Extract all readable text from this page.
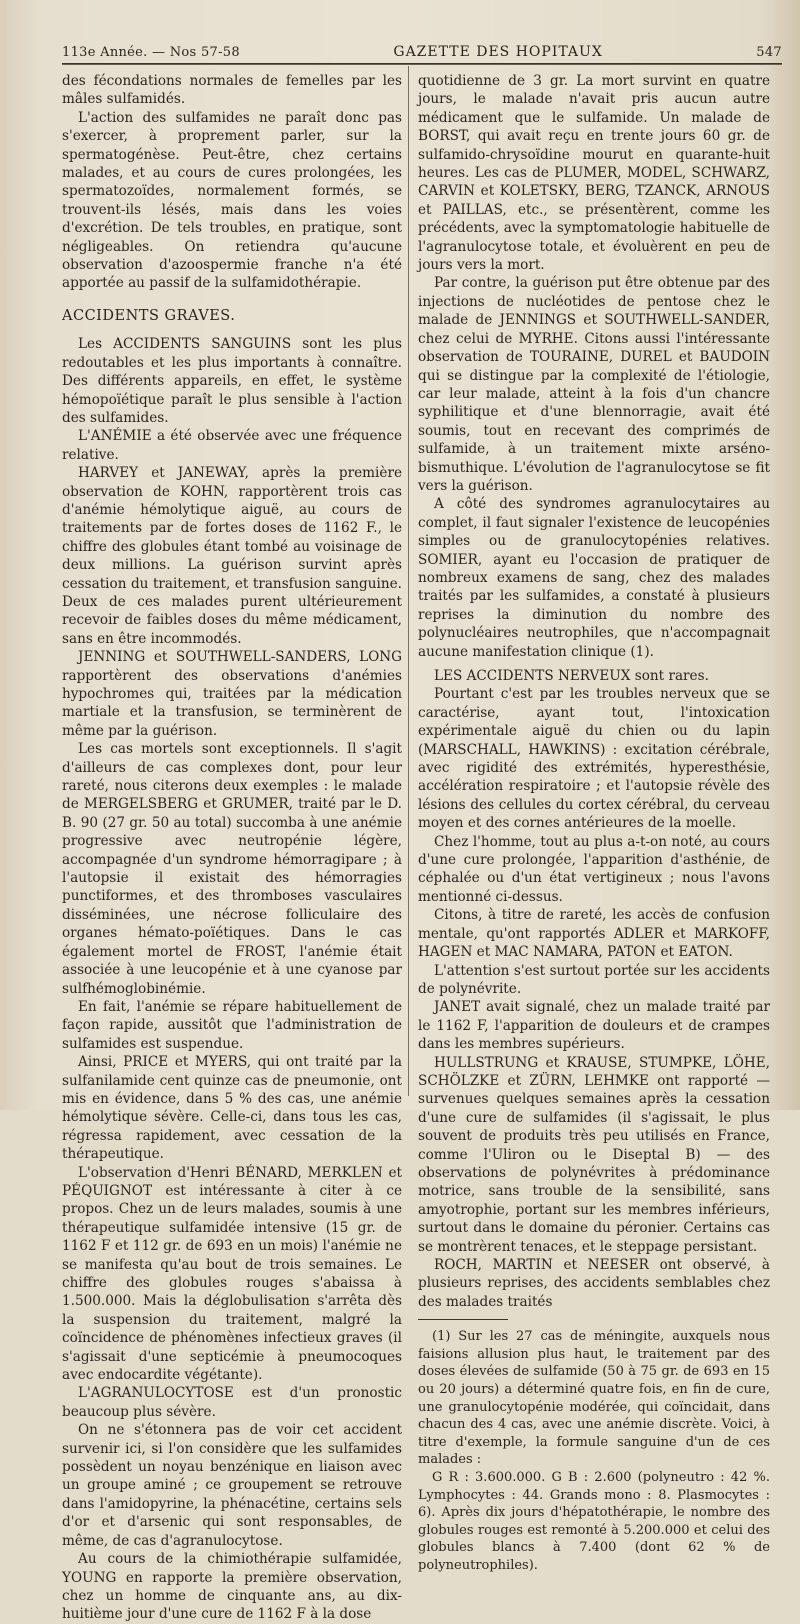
113e Année. — Nos 57-58	GAZETTE DES HOPITAUX	547

des fécondations normales de femelles par les mâles sulfamidés.

L'action des sulfamides ne paraît donc pas s'exercer, à proprement parler, sur la spermatogénèse. Peut-être, chez certains malades, et au cours de cures prolongées, les spermatozoïdes, normalement formés, se trouvent-ils lésés, mais dans les voies d'excrétion. De tels troubles, en pratique, sont négligeables. On retiendra qu'aucune observation d'azoospermie franche n'a été apportée au passif de la sulfamidothérapie.

ACCIDENTS GRAVES.

Les ACCIDENTS SANGUINS sont les plus redoutables et les plus importants à connaître. Des différents appareils, en effet, le système hémopoïétique paraît le plus sensible à l'action des sulfamides.

L'ANÉMIE a été observée avec une fréquence relative.

HARVEY et JANEWAY, après la première observation de KOHN, rapportèrent trois cas d'anémie hémolytique aiguë, au cours de traitements par de fortes doses de 1162 F., le chiffre des globules étant tombé au voisinage de deux millions. La guérison survint après cessation du traitement, et transfusion sanguine. Deux de ces malades purent ultérieurement recevoir de faibles doses du même médicament, sans en être incommodés.

JENNING et SOUTHWELL-SANDERS, LONG rapportèrent des observations d'anémies hypochromes qui, traitées par la médication martiale et la transfusion, se terminèrent de même par la guérison.

Les cas mortels sont exceptionnels. Il s'agit d'ailleurs de cas complexes dont, pour leur rareté, nous citerons deux exemples : le malade de MERGELSBERG et GRUMER, traité par le D. B. 90 (27 gr. 50 au total) succomba à une anémie progressive avec neutropénie légère, accompagnée d'un syndrome hémorragipare ; à l'autopsie il existait des hémorragies punctiformes, et des thromboses vasculaires disséminées, une nécrose folliculaire des organes hémato-poïétiques. Dans le cas également mortel de FROST, l'anémie était associée à une leucopénie et à une cyanose par sulfhémoglobinémie.

En fait, l'anémie se répare habituellement de façon rapide, aussitôt que l'administration de sulfamides est suspendue.

Ainsi, PRICE et MYERS, qui ont traité par la sulfanilamide cent quinze cas de pneumonie, ont mis en évidence, dans 5 % des cas, une anémie hémolytique sévère. Celle-ci, dans tous les cas, régressa rapidement, avec cessation de la thérapeutique.

L'observation d'Henri BÉNARD, MERKLEN et PÉQUIGNOT est intéressante à citer à ce propos. Chez un de leurs malades, soumis à une thérapeutique sulfamidée intensive (15 gr. de 1162 F et 112 gr. de 693 en un mois) l'anémie ne se manifesta qu'au bout de trois semaines. Le chiffre des globules rouges s'abaissa à 1.500.000. Mais la déglobulisation s'arrêta dès la suspension du traitement, malgré la coïncidence de phénomènes infectieux graves (il s'agissait d'une septicémie à pneumocoques avec endocardite végétante).

L'AGRANULOCYTOSE est d'un pronostic beaucoup plus sévère.

On ne s'étonnera pas de voir cet accident survenir ici, si l'on considère que les sulfamides possèdent un noyau benzénique en liaison avec un groupe aminé ; ce groupement se retrouve dans l'amidopyrine, la phénacétine, certains sels d'or et d'arsenic qui sont responsables, de même, de cas d'agranulocytose.

Au cours de la chimiothérapie sulfamidée, YOUNG en rapporte la première observation, chez un homme de cinquante ans, au dix-huitième jour d'une cure de 1162 F à la dose

quotidienne de 3 gr. La mort survint en quatre jours, le malade n'avait pris aucun autre médicament que le sulfamide. Un malade de BORST, qui avait reçu en trente jours 60 gr. de sulfamido-chrysoïdine mourut en quarante-huit heures. Les cas de PLUMER, MODEL, SCHWARZ, CARVIN et KOLETSKY, BERG, TZANCK, ARNOUS et PAILLAS, etc., se présentèrent, comme les précédents, avec la symptomatologie habituelle de l'agranulocytose totale, et évoluèrent en peu de jours vers la mort.

Par contre, la guérison put être obtenue par des injections de nucléotides de pentose chez le malade de JENNINGS et SOUTHWELL-SANDER, chez celui de MYRHE. Citons aussi l'intéressante observation de TOURAINE, DUREL et BAUDOIN qui se distingue par la complexité de l'étiologie, car leur malade, atteint à la fois d'un chancre syphilitique et d'une blennorragie, avait été soumis, tout en recevant des comprimés de sulfamide, à un traitement mixte arséno-bismuthique. L'évolution de l'agranulocytose se fit vers la guérison.

A côté des syndromes agranulocytaires au complet, il faut signaler l'existence de leucopénies simples ou de granulocytopénies relatives. SOMIER, ayant eu l'occasion de pratiquer de nombreux examens de sang, chez des malades traités par les sulfamides, a constaté à plusieurs reprises la diminution du nombre des polynucléaires neutrophiles, que n'accompagnait aucune manifestation clinique (1).

LES ACCIDENTS NERVEUX sont rares.

Pourtant c'est par les troubles nerveux que se caractérise, ayant tout, l'intoxication expérimentale aiguë du chien ou du lapin (MARSCHALL, HAWKINS) : excitation cérébrale, avec rigidité des extrémités, hyperesthésie, accélération respiratoire ; et l'autopsie révèle des lésions des cellules du cortex cérébral, du cerveau moyen et des cornes antérieures de la moelle.

Chez l'homme, tout au plus a-t-on noté, au cours d'une cure prolongée, l'apparition d'asthénie, de céphalée ou d'un état vertigineux ; nous l'avons mentionné ci-dessus.

Citons, à titre de rareté, les accès de confusion mentale, qu'ont rapportés ADLER et MARKOFF, HAGEN et MAC NAMARA, PATON et EATON.

L'attention s'est surtout portée sur les accidents de polynévrite.

JANET avait signalé, chez un malade traité par le 1162 F, l'apparition de douleurs et de crampes dans les membres supérieurs.

HULLSTRUNG et KRAUSE, STUMPKE, LÖHE, SCHÖLZKE et ZÜRN, LEHMKE ont rapporté — survenues quelques semaines après la cessation d'une cure de sulfamides (il s'agissait, le plus souvent de produits très peu utilisés en France, comme l'Uliron ou le Diseptal B) — des observations de polynévrites à prédominance motrice, sans trouble de la sensibilité, sans amyotrophie, portant sur les membres inférieurs, surtout dans le domaine du péronier. Certains cas se montrèrent tenaces, et le steppage persistant.

ROCH, MARTIN et NEESER ont observé, à plusieurs reprises, des accidents semblables chez des malades traités

(1) Sur les 27 cas de méningite, auxquels nous faisions allusion plus haut, le traitement par des doses élevées de sulfamide (50 à 75 gr. de 693 en 15 ou 20 jours) a déterminé quatre fois, en fin de cure, une granulocytopénie modérée, qui coïncidait, dans chacun des 4 cas, avec une anémie discrète. Voici, à titre d'exemple, la formule sanguine d'un de ces malades :

G R : 3.600.000. G B : 2.600 (polyneutro : 42 %. Lymphocytes : 44. Grands mono : 8. Plasmocytes : 6). Après dix jours d'hépatothérapie, le nombre des globules rouges est remonté à 5.200.000 et celui des globules blancs à 7.400 (dont 62 % de polyneutrophiles).
